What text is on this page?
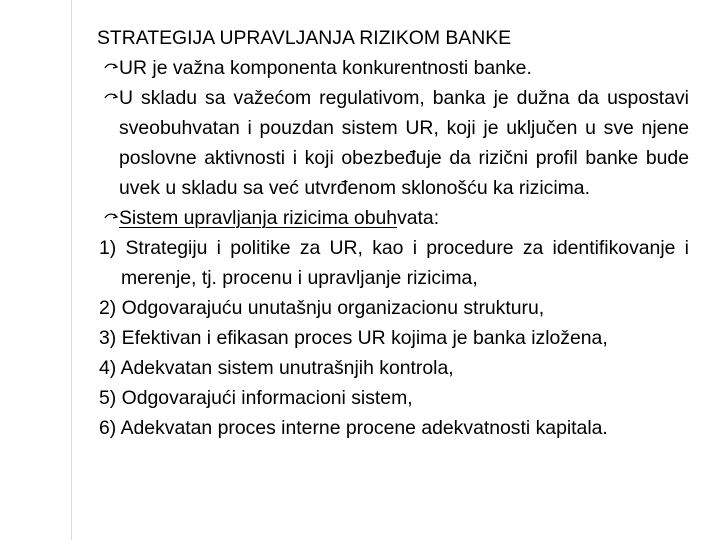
STRATEGIJA UPRAVLJANJA RIZIKOM BANKE

UR je važna komponenta konkurentnosti banke.

U skladu sa važećom regulativom, banka je dužna da uspostavi sveobuhvatan i pouzdan sistem UR, koji je uključen u sve njene poslovne aktivnosti i koji obezbeđuje da rizični profil banke bude uvek u skladu sa već utvrđenom sklonošću ka rizicima.

Sistem upravljanja rizicima obuhvata:

1) Strategiju i politike za UR, kao i procedure za identifikovanje i merenje, tj. procenu i upravljanje rizicima,

2) Odgovarajuću unutašnju organizacionu strukturu,

3) Efektivan i efikasan proces UR kojima je banka izložena,

4) Adekvatan sistem unutrašnjih kontrola,

5) Odgovarajući informacioni sistem,

6) Adekvatan proces interne procene adekvatnosti kapitala.
